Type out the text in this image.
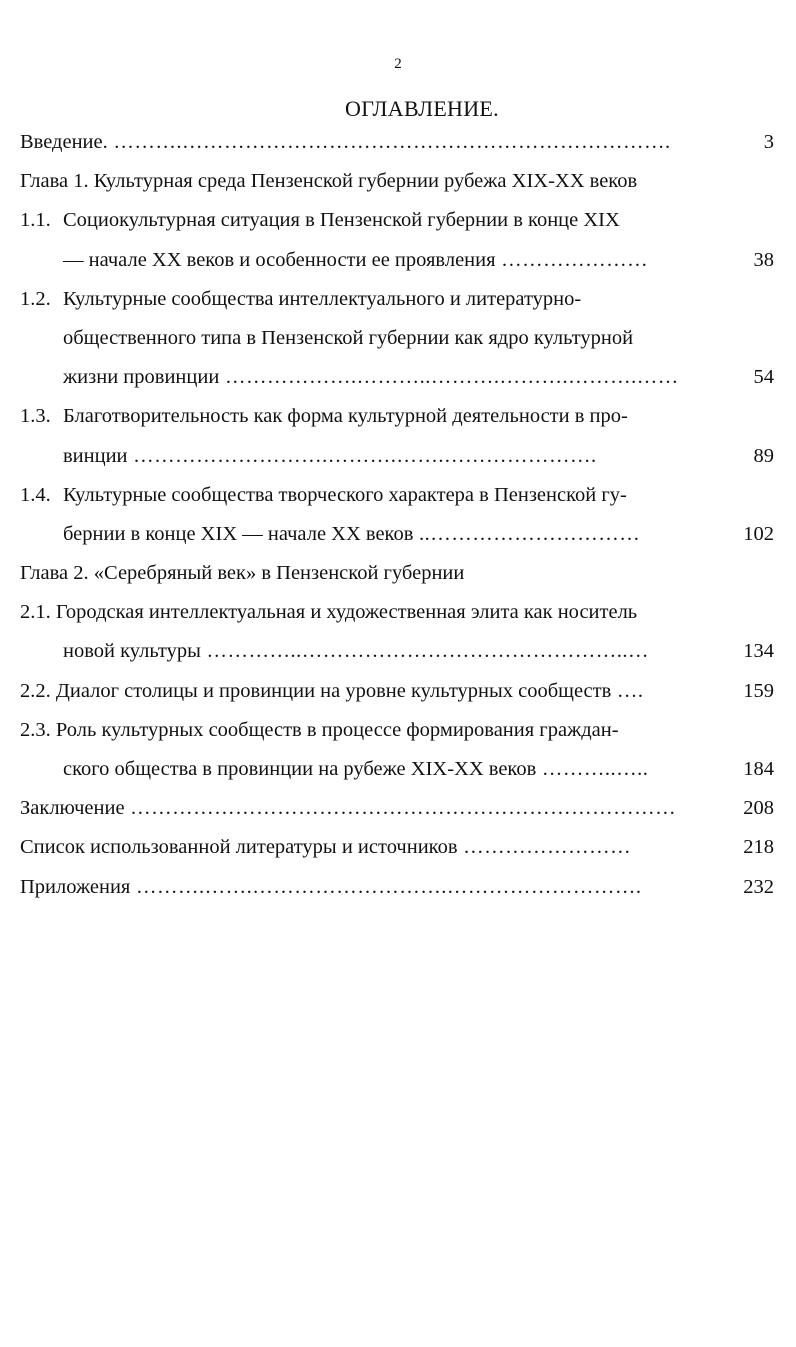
2
ОГЛАВЛЕНИЕ.
Введение. ……….…………………………………………………………….	3
Глава 1. Культурная среда Пензенской губернии рубежа XIX-XX веков
1.1. Социокультурная ситуация в Пензенской губернии в конце XIX
— начале XX веков и особенности ее проявления …………………	38
1.2. Культурные сообщества интеллектуального и литературно-
общественного типа в Пензенской губернии как ядро культурной
жизни провинции ……………….………..……….……….……….……	54
1.3. Благотворительность как форма культурной деятельности в про-
винции ……………………….……….…….………………….	89
1.4. Культурные сообщества творческого характера в Пензенской гу-
бернии в конце XIX — начале XX веков ..…………………………	102
Глава 2. «Серебряный век» в Пензенской губернии
2.1. Городская интеллектуальная и художественная элита как носитель
новой культуры …………..………………………………………..…	134
2.2. Диалог столицы и провинции на уровне культурных сообществ ….	159
2.3. Роль культурных сообществ в процессе формирования граждан-
ского общества в провинции на рубеже XIX-XX веков ………..…..	184
Заключение ……………………………………………………………………	208
Список использованной литературы и источников ……………………	218
Приложения ……….…….……………………….……………………….	232
